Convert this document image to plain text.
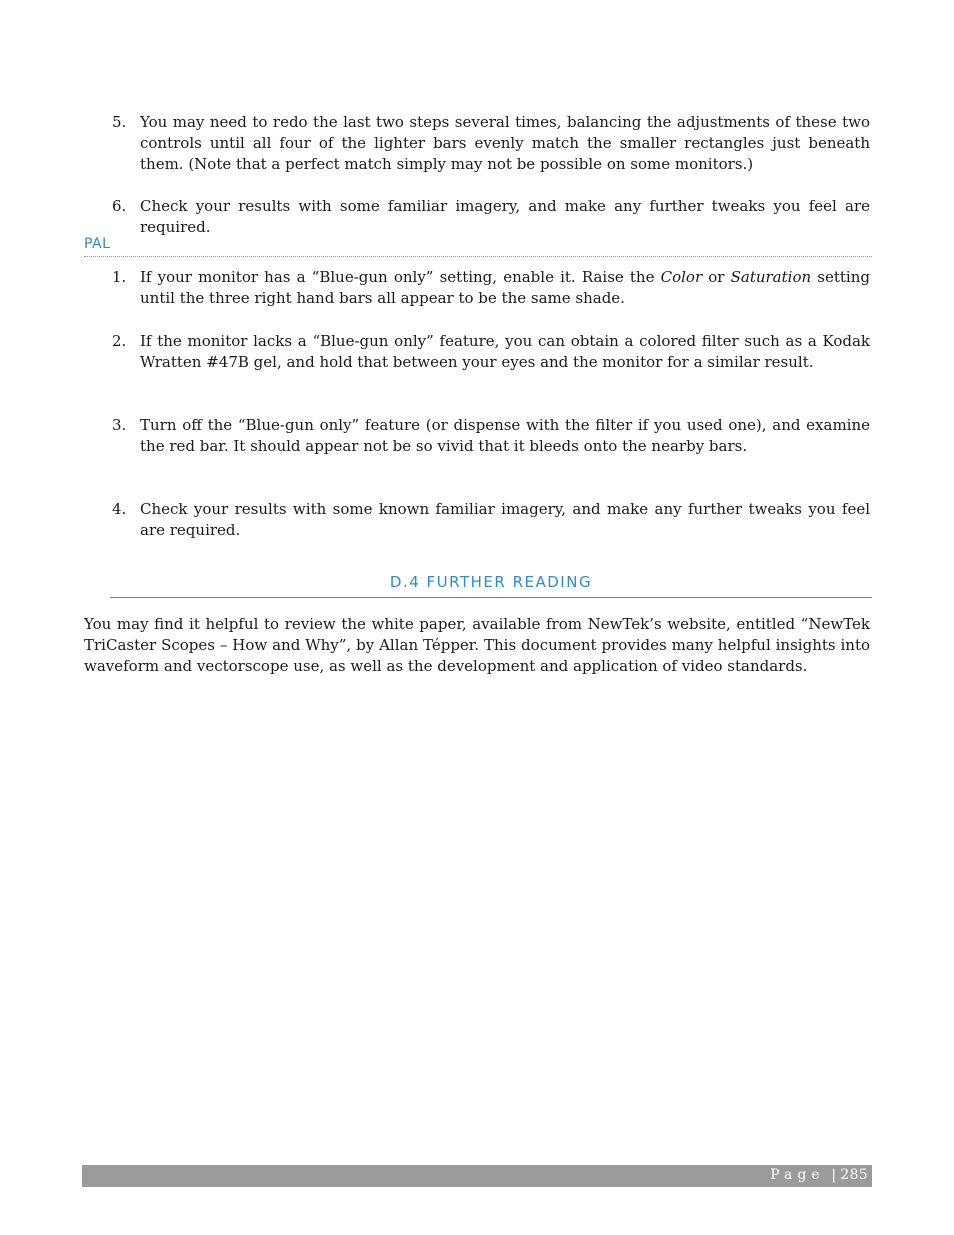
5. You may need to redo the last two steps several times, balancing the adjustments of these two controls until all four of the lighter bars evenly match the smaller rectangles just beneath them. (Note that a perfect match simply may not be possible on some monitors.)
6. Check your results with some familiar imagery, and make any further tweaks you feel are required.
PAL
1. If your monitor has a “Blue-gun only” setting, enable it. Raise the Color or Saturation setting until the three right hand bars all appear to be the same shade.
2. If the monitor lacks a “Blue-gun only” feature, you can obtain a colored filter such as a Kodak Wratten #47B gel, and hold that between your eyes and the monitor for a similar result.
3. Turn off the “Blue-gun only” feature (or dispense with the filter if you used one), and examine the red bar. It should appear not be so vivid that it bleeds onto the nearby bars.
4. Check your results with some known familiar imagery, and make any further tweaks you feel are required.
D.4 FURTHER READING

You may find it helpful to review the white paper, available from NewTek’s website, entitled “NewTek TriCaster Scopes – How and Why”, by Allan Tépper. This document provides many helpful insights into waveform and vectorscope use, as well as the development and application of video standards.

Page | 285
